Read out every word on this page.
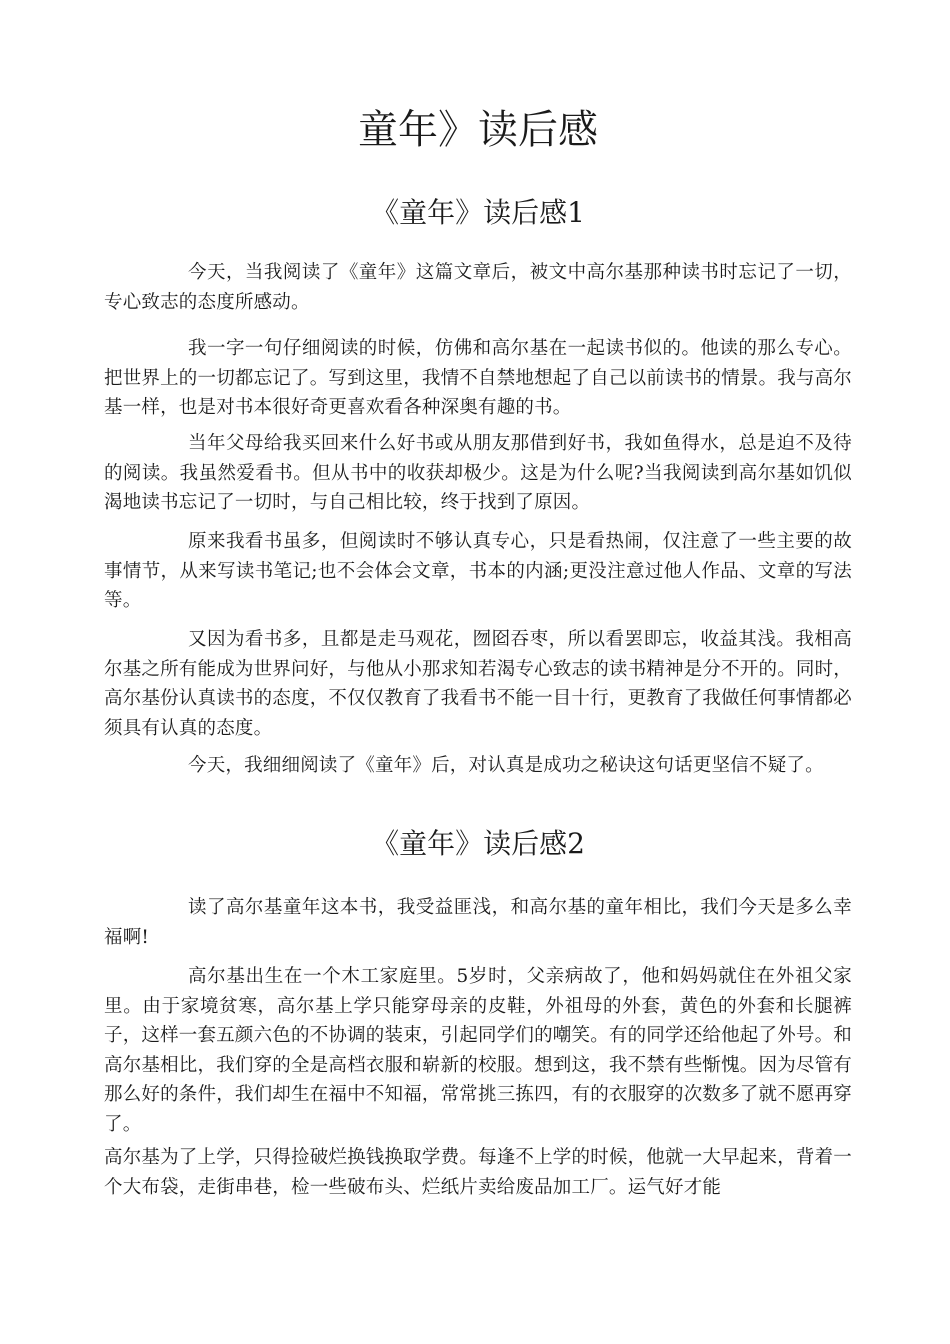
童年》读后感
《童年》读后感1

今天，当我阅读了《童年》这篇文章后，被文中高尔基那种读书时忘记了一切，专心致志的态度所感动。

我一字一句仔细阅读的时候，仿佛和高尔基在一起读书似的。他读的那么专心。把世界上的一切都忘记了。写到这里，我情不自禁地想起了自己以前读书的情景。我与高尔基一样，也是对书本很好奇更喜欢看各种深奥有趣的书。

当年父母给我买回来什么好书或从朋友那借到好书，我如鱼得水，总是迫不及待的阅读。我虽然爱看书。但从书中的收获却极少。这是为什么呢?当我阅读到高尔基如饥似渴地读书忘记了一切时，与自己相比较，终于找到了原因。

原来我看书虽多，但阅读时不够认真专心，只是看热闹，仅注意了一些主要的故事情节，从来写读书笔记;也不会体会文章，书本的内涵;更没注意过他人作品、文章的写法等。

又因为看书多，且都是走马观花，囫囵吞枣，所以看罢即忘，收益其浅。我相高尔基之所有能成为世界问好，与他从小那求知若渴专心致志的读书精神是分不开的。同时，高尔基份认真读书的态度，不仅仅教育了我看书不能一目十行，更教育了我做任何事情都必须具有认真的态度。

今天，我细细阅读了《童年》后，对认真是成功之秘诀这句话更坚信不疑了。

《童年》读后感2

读了高尔基童年这本书，我受益匪浅，和高尔基的童年相比，我们今天是多么幸福啊!

高尔基出生在一个木工家庭里。5岁时，父亲病故了，他和妈妈就住在外祖父家里。由于家境贫寒，高尔基上学只能穿母亲的皮鞋，外祖母的外套，黄色的外套和长腿裤子，这样一套五颜六色的不协调的装束，引起同学们的嘲笑。有的同学还给他起了外号。和高尔基相比，我们穿的全是高档衣服和崭新的校服。想到这，我不禁有些惭愧。因为尽管有那么好的条件，我们却生在福中不知福，常常挑三拣四，有的衣服穿的次数多了就不愿再穿了。

高尔基为了上学，只得捡破烂换钱换取学费。每逢不上学的时候，他就一大早起来，背着一个大布袋，走街串巷，检一些破布头、烂纸片卖给废品加工厂。运气好才能
